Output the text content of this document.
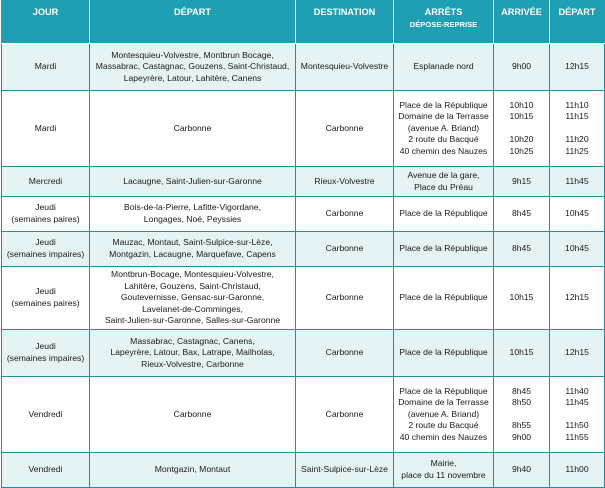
JOUR	DÉPART	DESTINATION	ARRÊTS
DÉPOSE-REPRISE	ARRIVÉE	DÉPART

Mardi	Montesquieu-Volvestre, Montbrun Bocage,
Massabrac, Castagnac, Gouzens, Saint-Christaud,
Lapeyrère, Latour, Lahitère, Canens	Montesquieu-Volvestre	Esplanade nord	9h00	12h15

Mardi	Carbonne	Carbonne	Place de la République
Domaine de la Terrasse
(avenue A. Briand)
2 route du Bacqué
40 chemin des Nauzes	10h10
10h15

10h20
10h25	11h10
11h15

11h20
11h25

Mercredi	Lacaugne, Saint-Julien-sur-Garonne	Rieux-Volvestre	Avenue de la gare,
Place du Préau	9h15	11h45

Jeudi
(semaines paires)	Bois-de-la-Pierre, Lafitte-Vigordane,
Longages, Noé, Peyssies	Carbonne	Place de la République	8h45	10h45

Jeudi
(semaines impaires)	Mauzac, Montaut, Saint-Sulpice-sur-Lèze,
Montgazin, Lacaugne, Marquefave, Capens	Carbonne	Place de la République	8h45	10h45

Jeudi
(semaines paires)	Montbrun-Bocage, Montesquieu-Volvestre,
Lahitère, Gouzens, Saint-Christaud,
Goutevernisse, Gensac-sur-Garonne,
Lavelanet-de-Comminges,
Saint-Julien-sur-Garonne, Salles-sur-Garonne	Carbonne	Place de la République	10h15	12h15

Jeudi
(semaines impaires)	Massabrac, Castagnac, Canens,
Lapeyrère, Latour, Bax, Latrape, Mailholas,
Rieux-Volvestre, Carbonne	Carbonne	Place de la République	10h15	12h15

Vendredi	Carbonne	Carbonne	Place de la République
Domaine de la Terrasse
(avenue A. Briand)
2 route du Bacqué
40 chemin des Nauzes	8h45
8h50

8h55
9h00	11h40
11h45

11h50
11h55

Vendredi	Montgazin, Montaut	Saint-Sulpice-sur-Lèze	Mairie,
place du 11 novembre	9h40	11h00
